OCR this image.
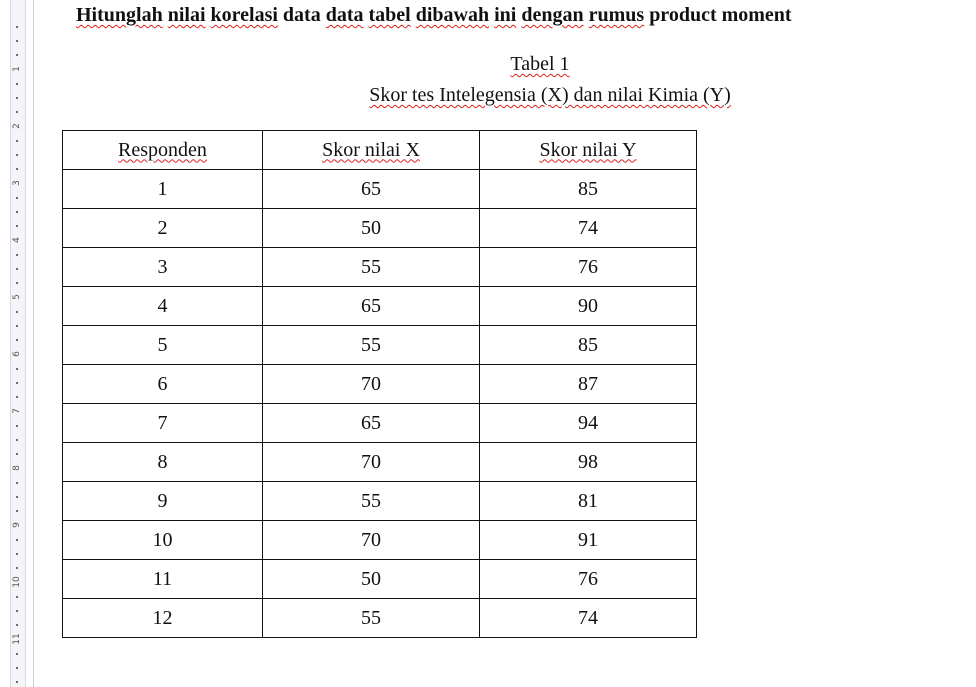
1
2
3
4
5
6
7
8
9
10
11
Hitunglah nilai korelasi data data tabel dibawah ini dengan rumus product moment
Tabel 1
Skor tes Intelegensia (X) dan nilai Kimia (Y)
Responden	Skor nilai X	Skor nilai Y
1	65	85
2	50	74
3	55	76
4	65	90
5	55	85
6	70	87
7	65	94
8	70	98
9	55	81
10	70	91
11	50	76
12	55	74
